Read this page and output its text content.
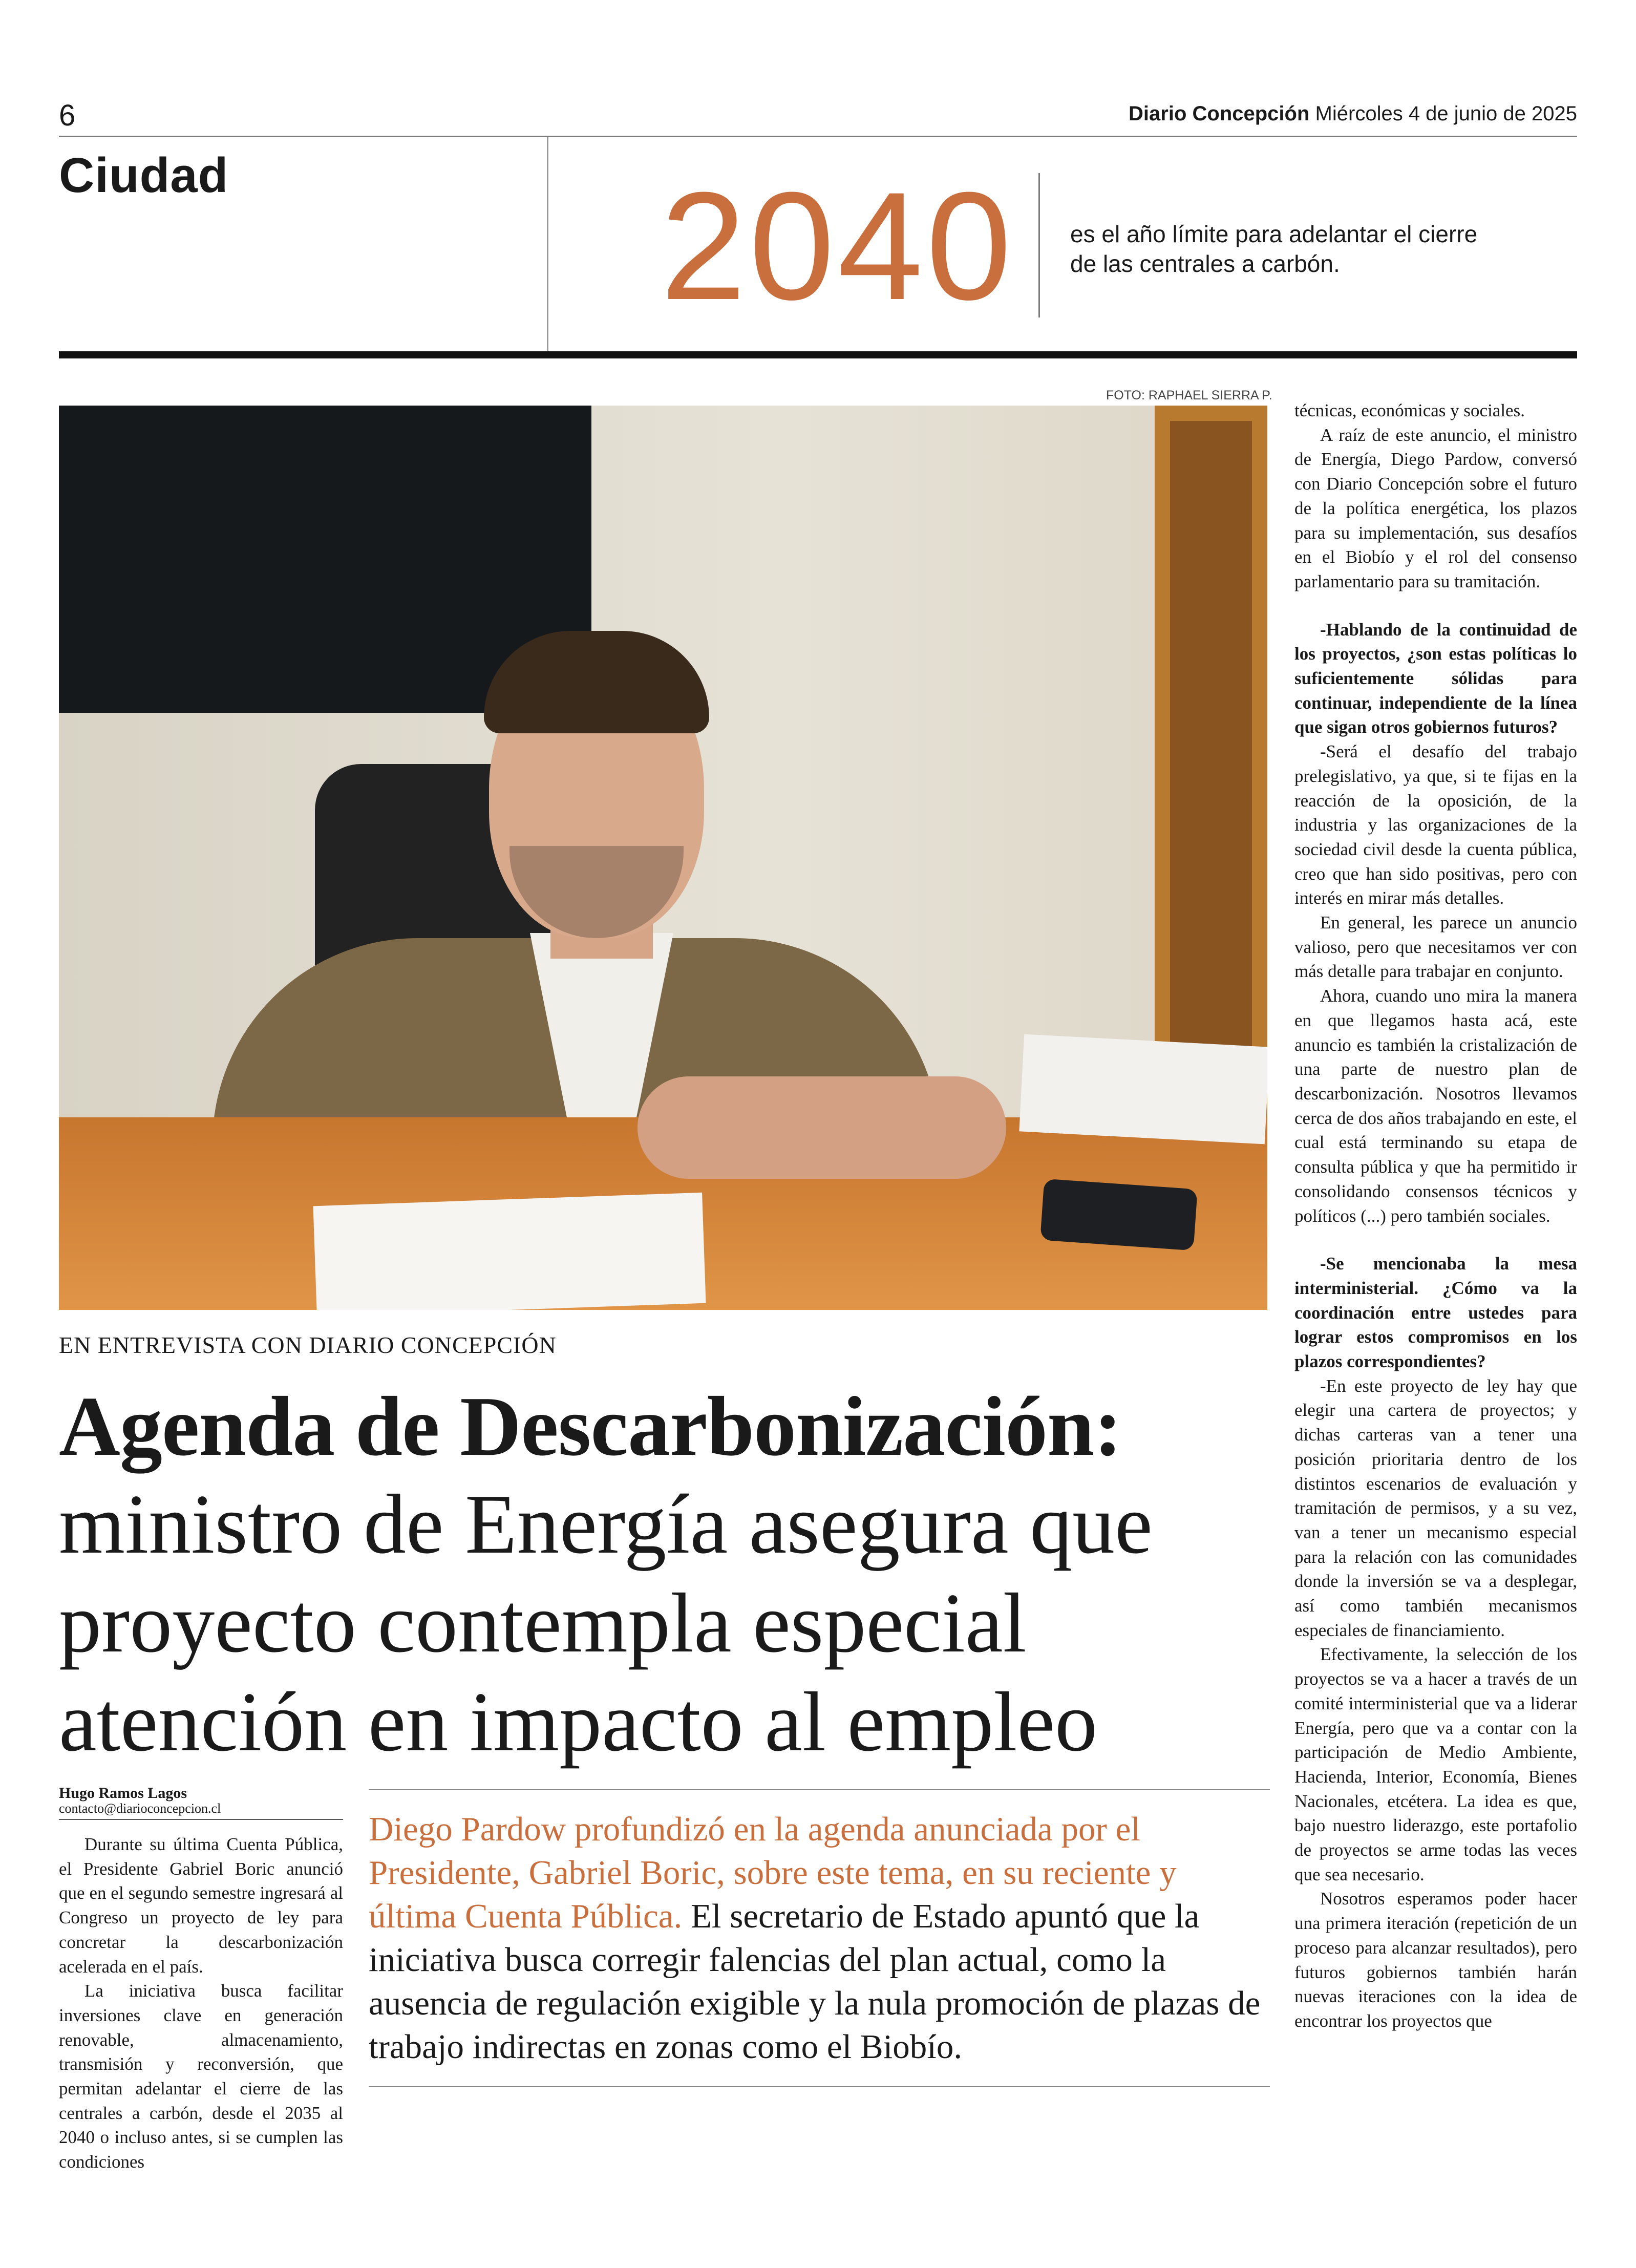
6	Diario Concepción Miércoles 4 de junio de 2025
Ciudad	2040 es el año límite para adelantar el cierre de las centrales a carbón.
FOTO: RAPHAEL SIERRA P.
EN ENTREVISTA CON DIARIO CONCEPCIÓN
Agenda de Descarbonización:
ministro de Energía asegura que
proyecto contempla especial
atención en impacto al empleo
Hugo Ramos Lagos
contacto@diarioconcepcion.cl

Durante su última Cuenta Pública, el Presidente Gabriel Boric anunció que en el segundo semestre ingresará al Congreso un proyecto de ley para concretar la descarbonización acelerada en el país.

La iniciativa busca facilitar inversiones clave en generación renovable, almacenamiento, transmisión y reconversión, que permitan adelantar el cierre de las centrales a carbón, desde el 2035 al 2040 o incluso antes, si se cumplen las condiciones

Diego Pardow profundizó en la agenda anunciada por el Presidente, Gabriel Boric, sobre este tema, en su reciente y última Cuenta Pública. El secretario de Estado apuntó que la iniciativa busca corregir falencias del plan actual, como la ausencia de regulación exigible y la nula promoción de plazas de trabajo indirectas en zonas como el Biobío.

técnicas, económicas y sociales.

A raíz de este anuncio, el ministro de Energía, Diego Pardow, conversó con Diario Concepción sobre el futuro de la política energética, los plazos para su implementación, sus desafíos en el Biobío y el rol del consenso parlamentario para su tramitación.

-Hablando de la continuidad de los proyectos, ¿son estas políticas lo suficientemente sólidas para continuar, independiente de la línea que sigan otros gobiernos futuros?

-Será el desafío del trabajo prelegislativo, ya que, si te fijas en la reacción de la oposición, de la industria y las organizaciones de la sociedad civil desde la cuenta pública, creo que han sido positivas, pero con interés en mirar más detalles.

En general, les parece un anuncio valioso, pero que necesitamos ver con más detalle para trabajar en conjunto.

Ahora, cuando uno mira la manera en que llegamos hasta acá, este anuncio es también la cristalización de una parte de nuestro plan de descarbonización. Nosotros llevamos cerca de dos años trabajando en este, el cual está terminando su etapa de consulta pública y que ha permitido ir consolidando consensos técnicos y políticos (...) pero también sociales.

-Se mencionaba la mesa interministerial. ¿Cómo va la coordinación entre ustedes para lograr estos compromisos en los plazos correspondientes?

-En este proyecto de ley hay que elegir una cartera de proyectos; y dichas carteras van a tener una posición prioritaria dentro de los distintos escenarios de evaluación y tramitación de permisos, y a su vez, van a tener un mecanismo especial para la relación con las comunidades donde la inversión se va a desplegar, así como también mecanismos especiales de financiamiento.

Efectivamente, la selección de los proyectos se va a hacer a través de un comité interministerial que va a liderar Energía, pero que va a contar con la participación de Medio Ambiente, Hacienda, Interior, Economía, Bienes Nacionales, etcétera. La idea es que, bajo nuestro liderazgo, este portafolio de proyectos se arme todas las veces que sea necesario.

Nosotros esperamos poder hacer una primera iteración (repetición de un proceso para alcanzar resultados), pero futuros gobiernos también harán nuevas iteraciones con la idea de encontrar los proyectos que
